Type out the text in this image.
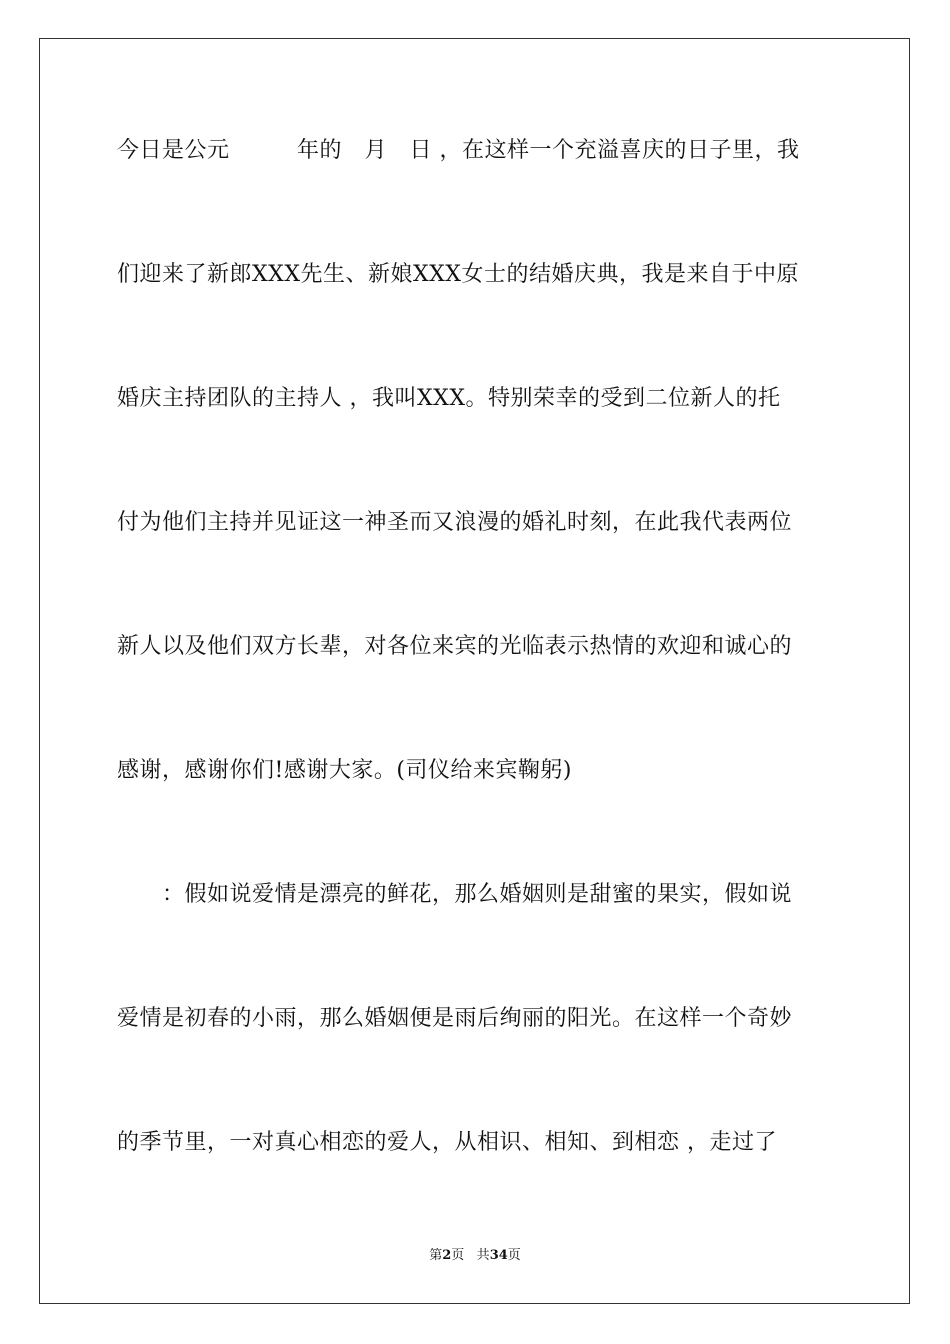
今日是公元　　　年的　月　日 ，在这样一个充溢喜庆的日子里，我
们迎来了新郎XXX先生、新娘XXX女士的结婚庆典，我是来自于中原
婚庆主持团队的主持人 ，我叫XXX。特别荣幸的受到二位新人的托
付为他们主持并见证这一神圣而又浪漫的婚礼时刻，在此我代表两位
新人以及他们双方长辈，对各位来宾的光临表示热情的欢迎和诚心的
感谢，感谢你们!感谢大家。(司仪给来宾鞠躬)
　　：假如说爱情是漂亮的鲜花，那么婚姻则是甜蜜的果实，假如说
爱情是初春的小雨，那么婚姻便是雨后绚丽的阳光。在这样一个奇妙
的季节里，一对真心相恋的爱人，从相识、相知、到相恋 ，走过了
第2页 共34页
